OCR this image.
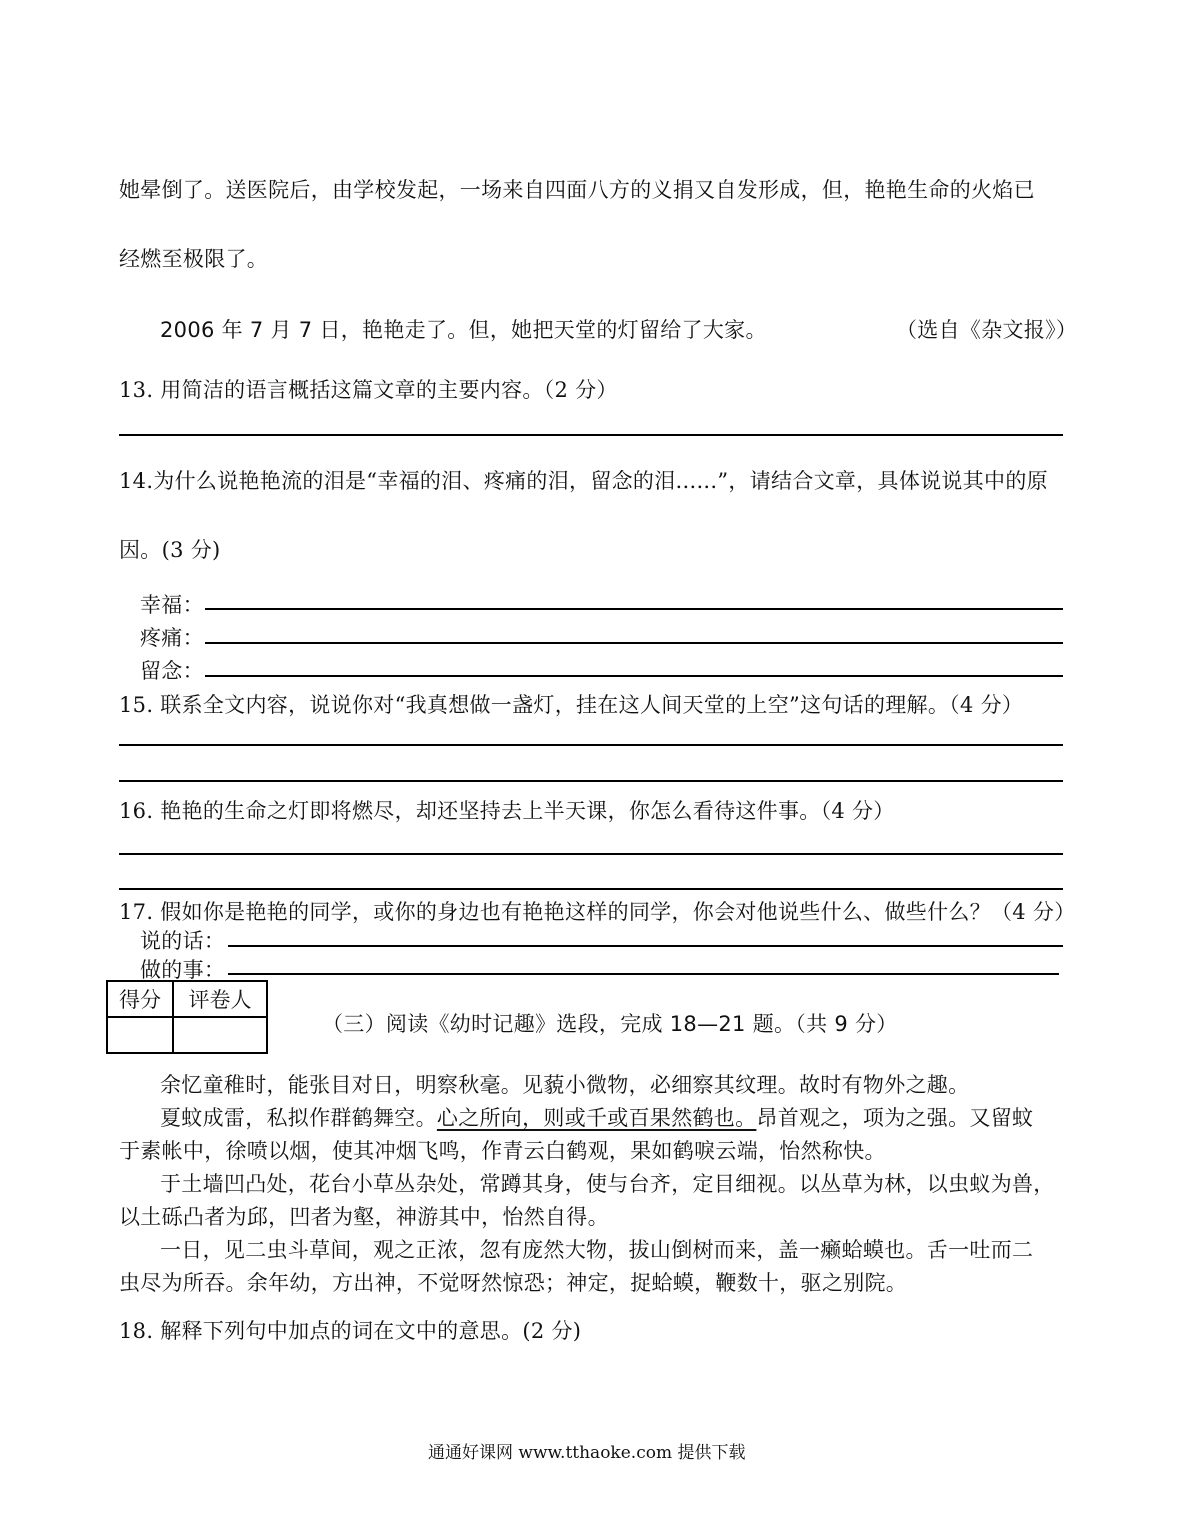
她晕倒了。送医院后，由学校发起，一场来自四面八方的义捐又自发形成，但，艳艳生命的火焰已
经燃至极限了。
2006 年 7 月 7 日，艳艳走了。但，她把天堂的灯留给了大家。	（选自《杂文报》）
13. 用简洁的语言概括这篇文章的主要内容。（2 分）
14.为什么说艳艳流的泪是“幸福的泪、疼痛的泪，留念的泪......”，请结合文章，具体说说其中的原
因。(3 分)
幸福：
疼痛：
留念：
15. 联系全文内容，说说你对“我真想做一盏灯，挂在这人间天堂的上空”这句话的理解。（4 分）
16. 艳艳的生命之灯即将燃尽，却还坚持去上半天课，你怎么看待这件事。（4 分）
17. 假如你是艳艳的同学，或你的身边也有艳艳这样的同学，你会对他说些什么、做些什么？（4 分）
说的话：
做的事：
得分	评卷人

（三）阅读《幼时记趣》选段，完成 18—21 题。（共 9 分）
余忆童稚时，能张目对日，明察秋毫。见藐小微物，必细察其纹理。故时有物外之趣。
夏蚊成雷，私拟作群鹤舞空。心之所向，则或千或百果然鹤也。昂首观之，项为之强。又留蚊
于素帐中，徐喷以烟，使其冲烟飞鸣，作青云白鹤观，果如鹤唳云端，怡然称快。
于土墙凹凸处，花台小草丛杂处，常蹲其身，使与台齐，定目细视。以丛草为林，以虫蚁为兽，
以土砾凸者为邱，凹者为壑，神游其中，怡然自得。
一日，见二虫斗草间，观之正浓，忽有庞然大物，拔山倒树而来，盖一癞蛤蟆也。舌一吐而二
虫尽为所吞。余年幼，方出神，不觉呀然惊恐；神定，捉蛤蟆，鞭数十，驱之别院。
18. 解释下列句中加点的词在文中的意思。(2 分)
通通好课网 www.tthaoke.com 提供下载
